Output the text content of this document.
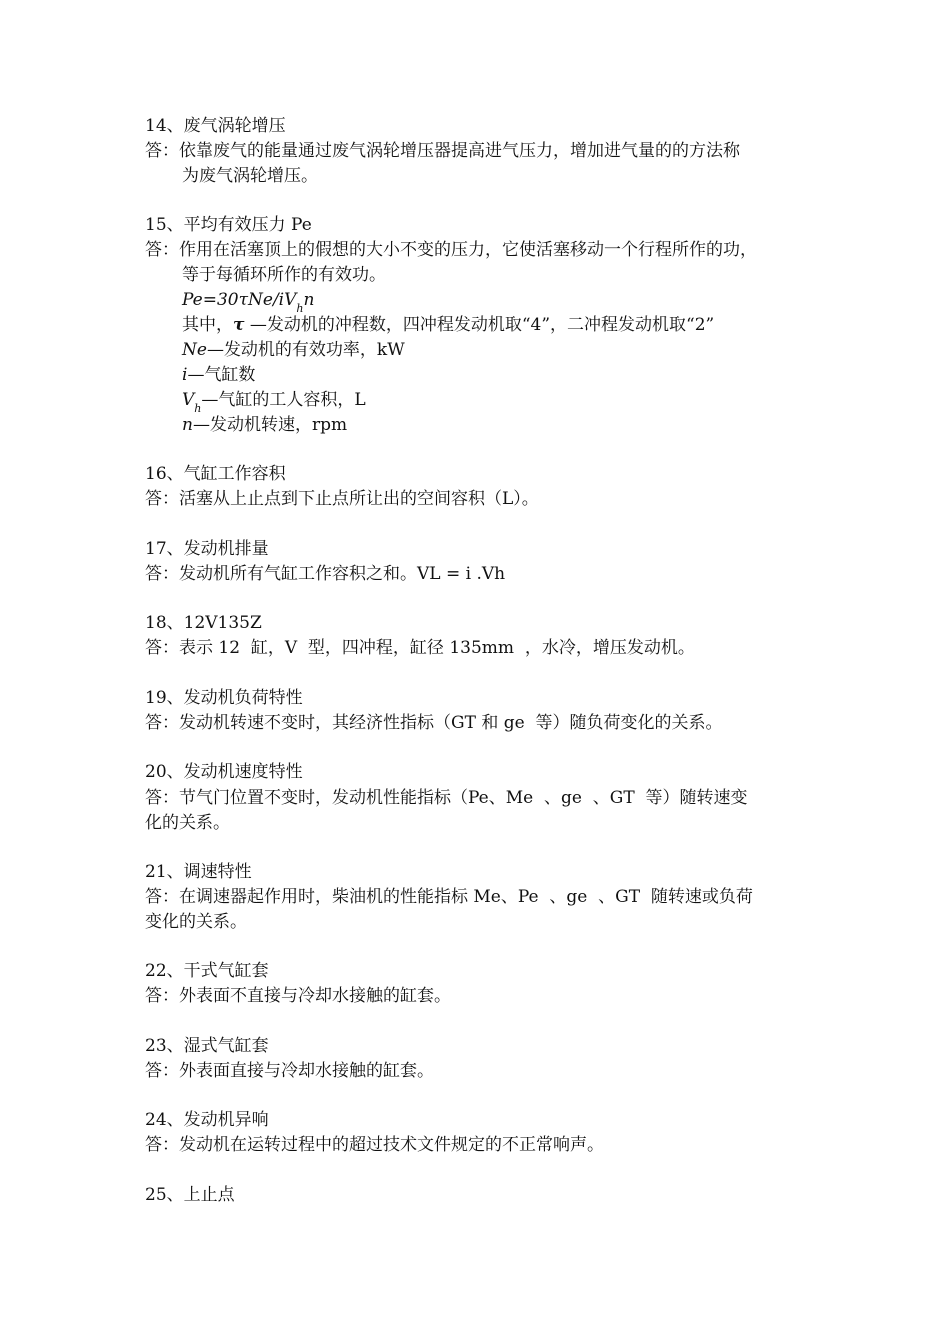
14、废气涡轮增压
答：依靠废气的能量通过废气涡轮增压器提高进气压力，增加进气量的的方法称
为废气涡轮增压。
15、平均有效压力 Pe
答：作用在活塞顶上的假想的大小不变的压力，它使活塞移动一个行程所作的功，
等于每循环所作的有效功。
$Pe=30\tau Ne/iV_hn$
其中，τ —发动机的冲程数，四冲程发动机取“4”，二冲程发动机取“2”
Ne—发动机的有效功率，kW
i—气缸数
$V_h—$气缸的工人容积，L
n—发动机转速，rpm
16、气缸工作容积
答：活塞从上止点到下止点所让出的空间容积（L）。
17、发动机排量
答：发动机所有气缸工作容积之和。VL = i .Vh
18、12V135Z
答：表示 12  缸，V  型，四冲程，缸径 135mm  ，水冷，增压发动机。
19、发动机负荷特性
答：发动机转速不变时，其经济性指标（GT 和 ge  等）随负荷变化的关系。
20、发动机速度特性
答：节气门位置不变时，发动机性能指标（Pe、Me  、ge  、GT  等）随转速变
化的关系。
21、调速特性
答：在调速器起作用时，柴油机的性能指标 Me、Pe  、ge  、GT  随转速或负荷
变化的关系。
22、干式气缸套
答：外表面不直接与冷却水接触的缸套。
23、湿式气缸套
答：外表面直接与冷却水接触的缸套。
24、发动机异响
答：发动机在运转过程中的超过技术文件规定的不正常响声。
25、上止点
